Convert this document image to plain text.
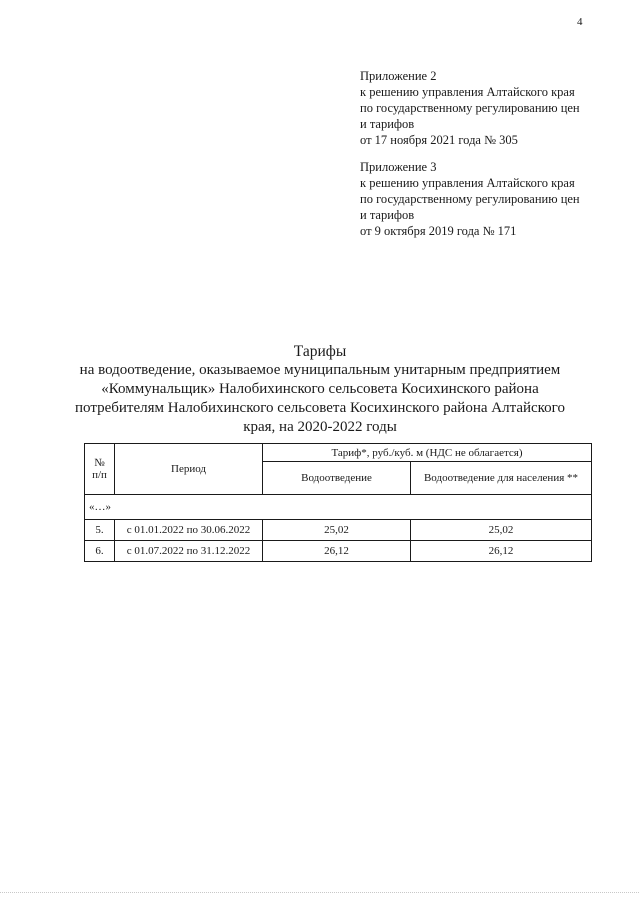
4
Приложение 2
к решению управления Алтайского края
по государственному регулированию цен
и тарифов
от 17 ноября 2021 года № 305
Приложение 3
к решению управления Алтайского края
по государственному регулированию цен
и тарифов
от 9 октября 2019 года № 171
Тарифы
на водоотведение, оказываемое муниципальным унитарным предприятием
«Коммунальщик» Налобихинского сельсовета Косихинского района
потребителям Налобихинского сельсовета Косихинского района Алтайского
края, на 2020-2022 годы
№ п/п	Период	Тариф*, руб./куб. м (НДС не облагается)	
		Водоотведение	Водоотведение для населения **
«…»			
5.	с 01.01.2022 по 30.06.2022	25,02	25,02
6.	с 01.07.2022 по 31.12.2022	26,12	26,12
